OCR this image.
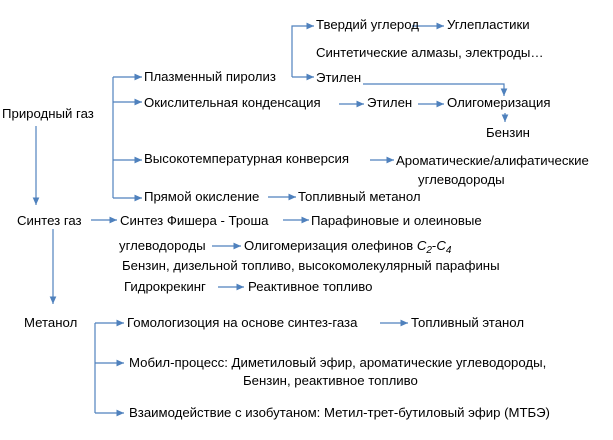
Природный газ
Синтез газ
Метанол
Плазменный пиролиз
Твердий углерод Углепластики
Синтетические алмазы, электроды…
Этилен
Окислительная конденсация	Этилен	Олигомеризация
Бензин
Высокотемпературная конверсия	Ароматические/алифатические
углеводороды
Прямой окисление	Топливный метанол
Синтез Фишера - Троша	Парафиновые и олеиновые
углеводороды	Олигомеризация олефинов $C_2-C_4$
Бензин, дизельной топливо, высокомолекулярный парафины
Гидрокрекинг	Реактивное топливо
Гомологизоция на основе синтез-газа	Топливный этанол
Мобил-процесс: Диметиловый эфир, ароматические углеводороды,
Бензин, реактивное топливо
Взаимодействие с изобутаном: Метил-трет-бутиловый эфир (МТБЭ)
